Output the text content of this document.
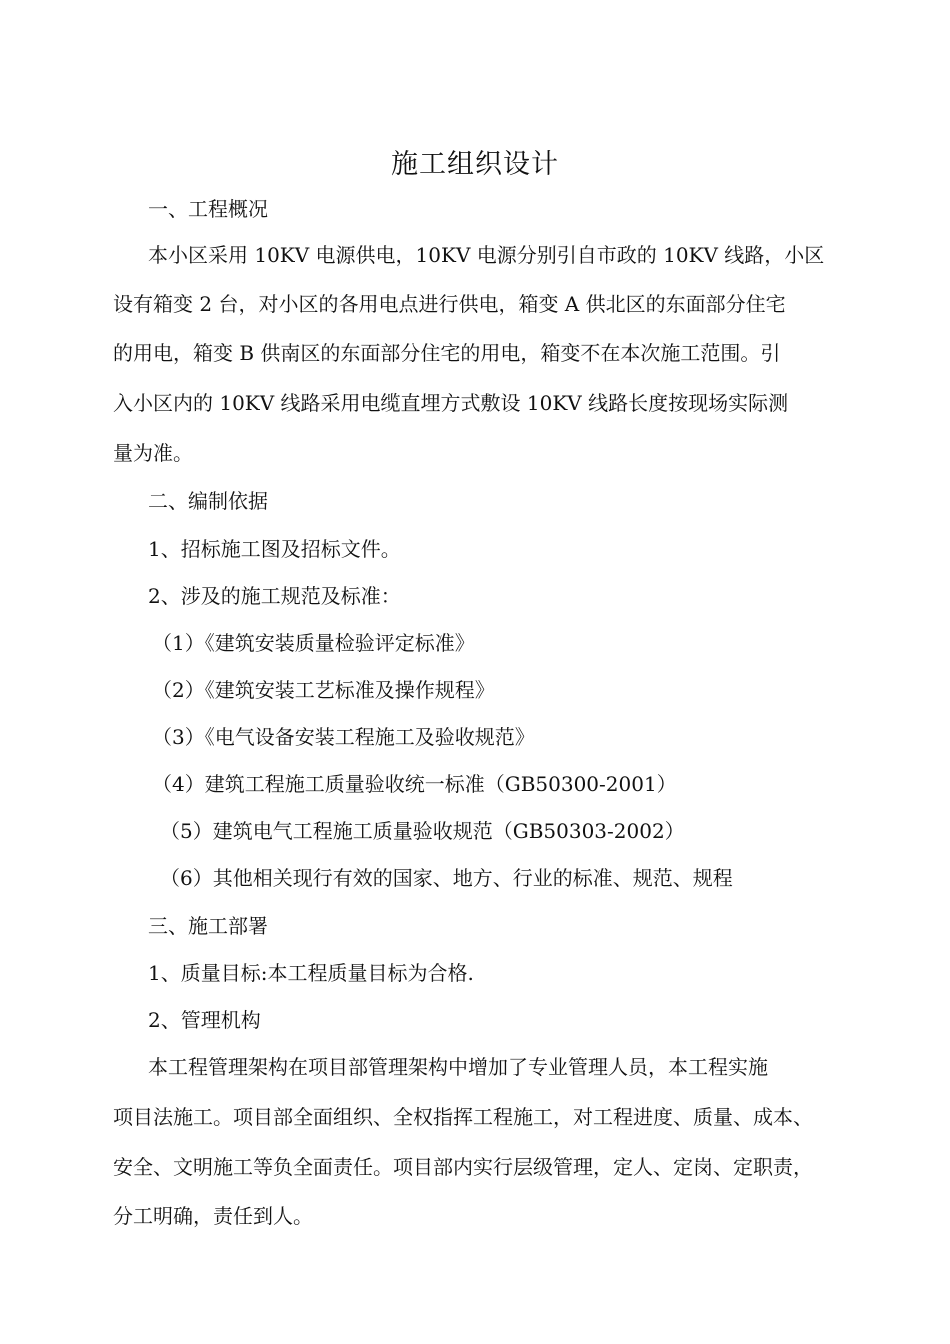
施工组织设计
一、工程概况
本小区采用 10KV 电源供电，10KV 电源分别引自市政的 10KV 线路，小区
设有箱变 2 台，对小区的各用电点进行供电，箱变 A 供北区的东面部分住宅
的用电，箱变 B 供南区的东面部分住宅的用电，箱变不在本次施工范围。引
入小区内的 10KV 线路采用电缆直埋方式敷设 10KV 线路长度按现场实际测
量为准。
二、编制依据
1、招标施工图及招标文件。
2、涉及的施工规范及标准：
（1）《建筑安装质量检验评定标准》
（2）《建筑安装工艺标准及操作规程》
（3）《电气设备安装工程施工及验收规范》
（4）建筑工程施工质量验收统一标准（GB50300-2001）
（5）建筑电气工程施工质量验收规范（GB50303-2002）
（6）其他相关现行有效的国家、地方、行业的标准、规范、规程
三、施工部署
1、质量目标:本工程质量目标为合格.
2、管理机构
本工程管理架构在项目部管理架构中增加了专业管理人员，本工程实施
项目法施工。项目部全面组织、全权指挥工程施工，对工程进度、质量、成本、
安全、文明施工等负全面责任。项目部内实行层级管理，定人、定岗、定职责，
分工明确，责任到人。
